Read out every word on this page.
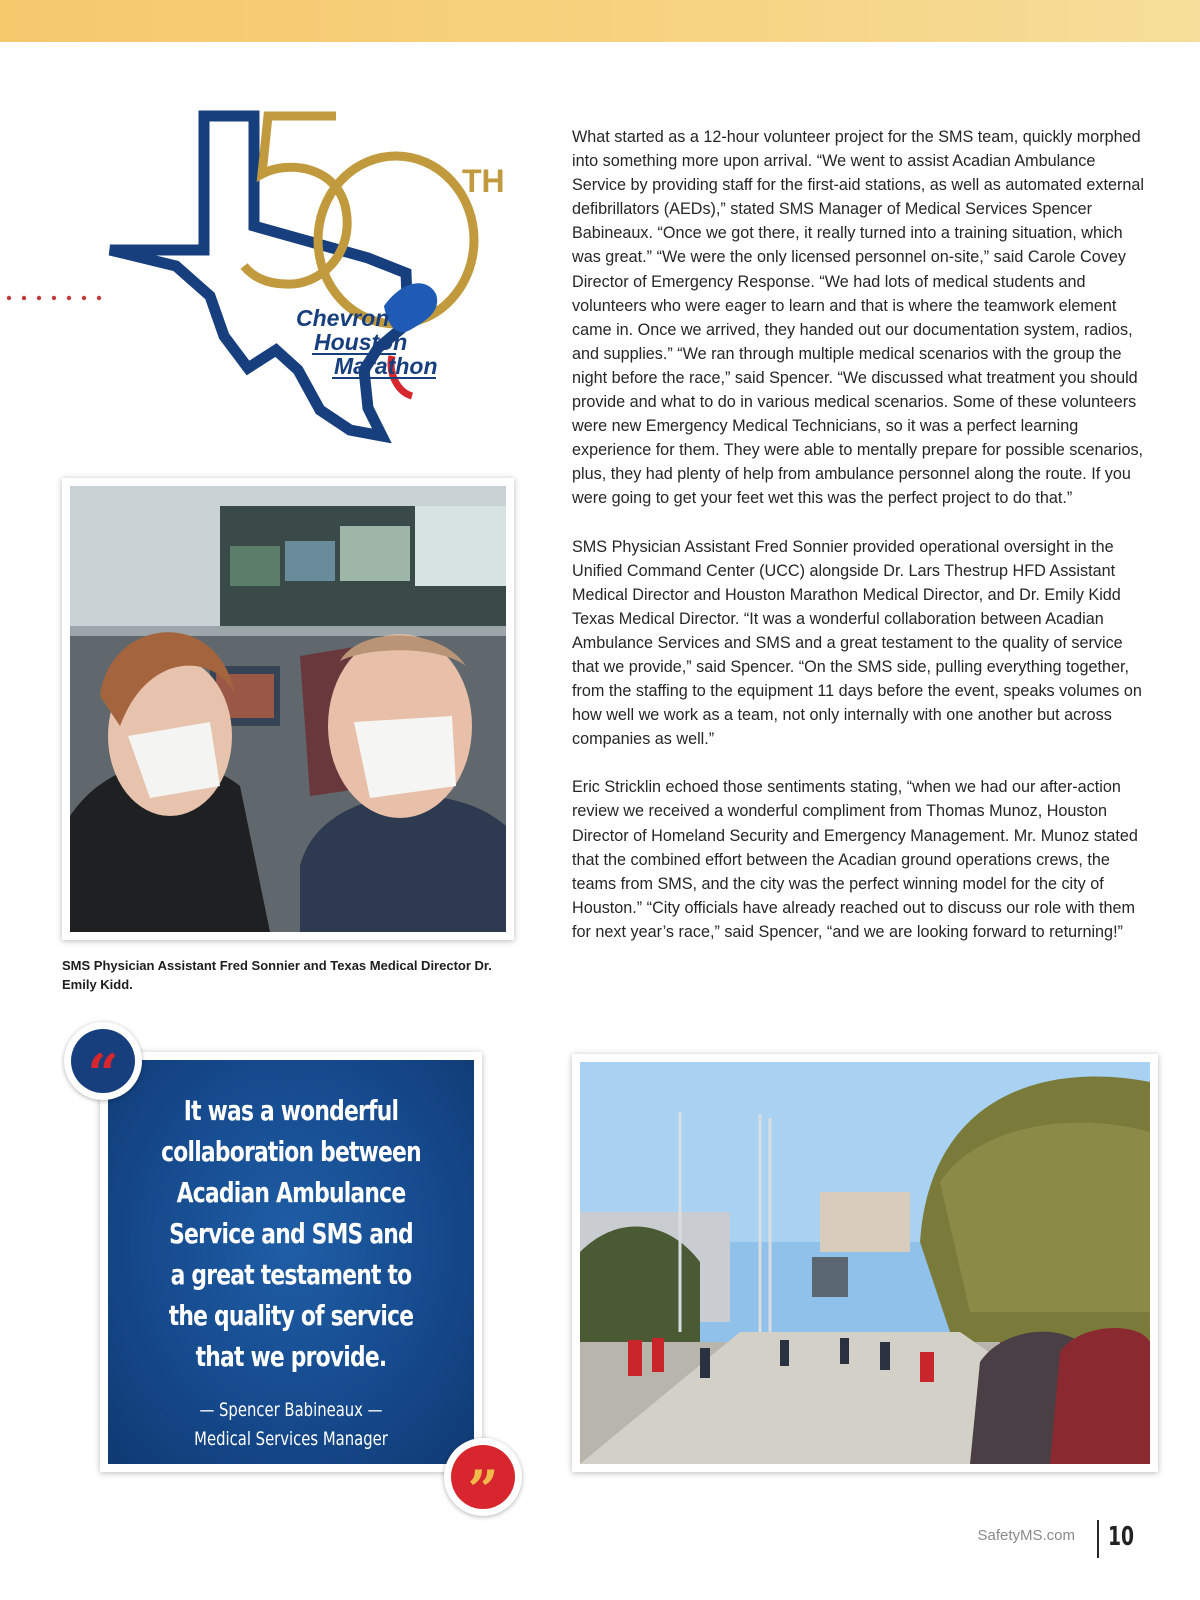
TH
Chevron
Houston
Marathon
SMS Physician Assistant Fred Sonnier and Texas Medical Director Dr. Emily Kidd.

What started as a 12-hour volunteer project for the SMS team, quickly morphed into something more upon arrival. “We went to assist Acadian Ambulance Service by providing staff for the first-aid stations, as well as automated external defibrillators (AEDs),” stated SMS Manager of Medical Services Spencer Babineaux. “Once we got there, it really turned into a training situation, which was great.” “We were the only licensed personnel on-site,” said Carole Covey Director of Emergency Response. “We had lots of medical students and volunteers who were eager to learn and that is where the teamwork element came in. Once we arrived, they handed out our documentation system, radios, and supplies.” “We ran through multiple medical scenarios with the group the night before the race,” said Spencer. “We discussed what treatment you should provide and what to do in various medical scenarios. Some of these volunteers were new Emergency Medical Technicians, so it was a perfect learning experience for them. They were able to mentally prepare for possible scenarios, plus, they had plenty of help from ambulance personnel along the route. If you were going to get your feet wet this was the perfect project to do that.”

SMS Physician Assistant Fred Sonnier provided operational oversight in the Unified Command Center (UCC) alongside Dr. Lars Thestrup HFD Assistant Medical Director and Houston Marathon Medical Director, and Dr. Emily Kidd Texas Medical Director. “It was a wonderful collaboration between Acadian Ambulance Services and SMS and a great testament to the quality of service that we provide,” said Spencer. “On the SMS side, pulling everything together, from the staffing to the equipment 11 days before the event, speaks volumes on how well we work as a team, not only internally with one another but across companies as well.”

Eric Stricklin echoed those sentiments stating, “when we had our after-action review we received a wonderful compliment from Thomas Munoz, Houston Director of Homeland Security and Emergency Management. Mr. Munoz stated that the combined effort between the Acadian ground operations crews, the teams from SMS, and the city was the perfect winning model for the city of Houston.” “City officials have already reached out to discuss our role with them for next year’s race,” said Spencer, “and we are looking forward to returning!”

It was a wonderful
collaboration between
Acadian Ambulance
Service and SMS and
a great testament to
the quality of service
that we provide.
— Spencer Babineaux —
Medical Services Manager
“
”
SafetyMS.com 10
